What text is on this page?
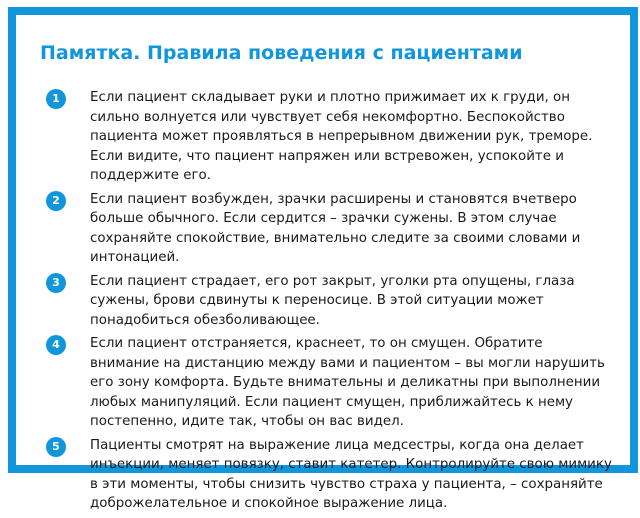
Памятка. Правила поведения с пациентами
1	Если пациент складывает руки и плотно прижимает их к груди, он сильно волнуется или чувствует себя некомфортно. Беспокойство пациента может проявляться в непрерывном движении рук, треморе. Если видите, что пациент напряжен или встревожен, успокойте и поддержите его.

2	Если пациент возбужден, зрачки расширены и становятся вчетверо больше обычного. Если сердится – зрачки сужены. В этом случае сохраняйте спокойствие, внимательно следите за своими словами и интонацией.

3	Если пациент страдает, его рот закрыт, уголки рта опущены, глаза сужены, брови сдвинуты к переносице. В этой ситуации может понадобиться обезболивающее.

4	Если пациент отстраняется, краснеет, то он смущен. Обратите внимание на дистанцию между вами и пациентом – вы могли нарушить его зону комфорта. Будьте внимательны и деликатны при выполнении любых манипуляций. Если пациент смущен, приближайтесь к нему постепенно, идите так, чтобы он вас видел.

5	Пациенты смотрят на выражение лица медсестры, когда она делает инъекции, меняет повязку, ставит катетер. Контролируйте свою мимику в эти моменты, чтобы снизить чувство страха у пациента, – сохраняйте доброжелательное и спокойное выражение лица.
